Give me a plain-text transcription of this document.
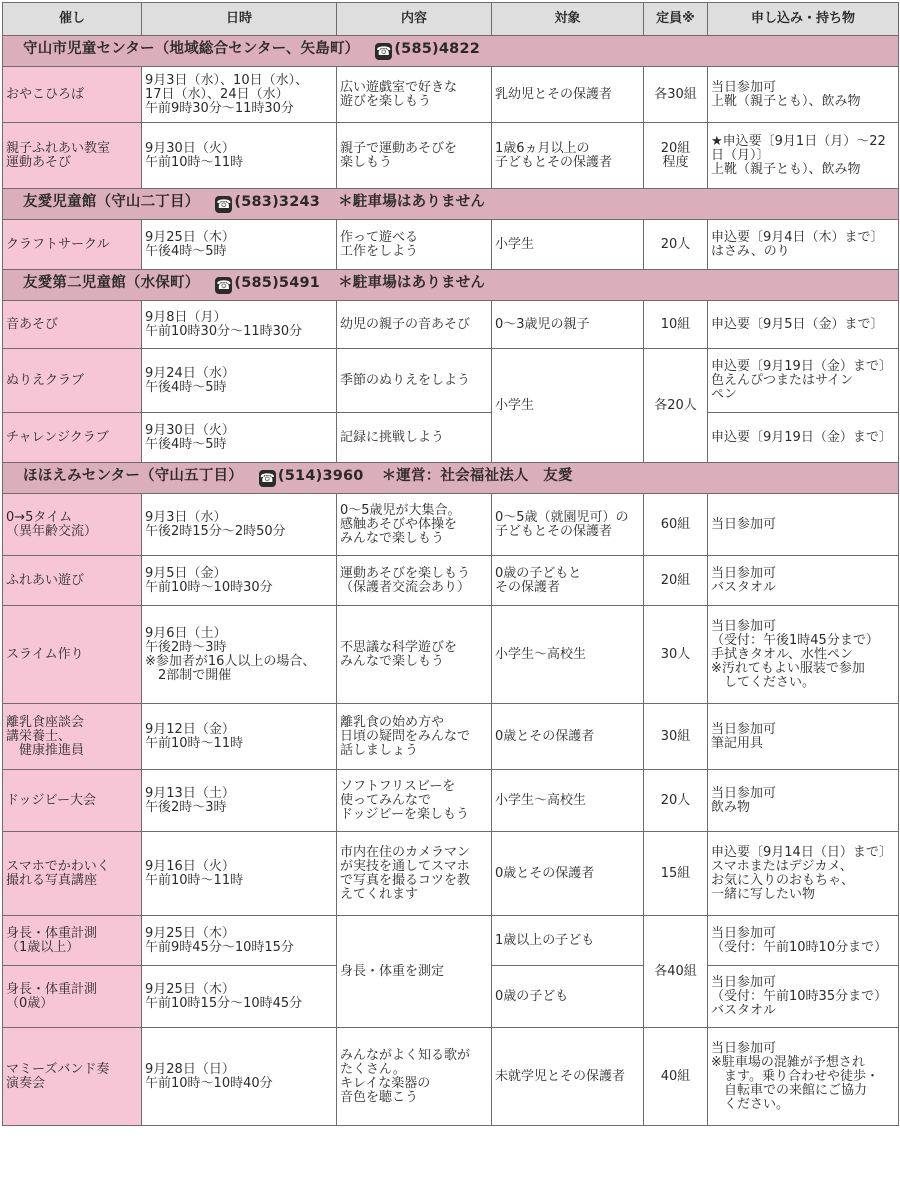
催し	日時	内容	対象	定員※	申し込み・持ち物
守山市児童センター（地域総合センター、矢島町） ☎ (585)4822					
おやこひろば	9月3日（水）、10日（水）、
17日（水）、24日（水）
午前9時30分～11時30分	広い遊戯室で好きな
遊びを楽しもう	乳幼児とその保護者	各30組	当日参加可
上靴（親子とも）、飲み物
親子ふれあい教室
運動あそび	9月30日（火）
午前10時～11時	親子で運動あそびを
楽しもう	1歳6ヵ月以上の
子どもとその保護者	20組
程度	★申込要〔9月1日（月）～22
日（月）〕
上靴（親子とも）、飲み物
友愛児童館（守山二丁目） ☎ (583)3243 ＊駐車場はありません					
クラフトサークル	9月25日（木）
午後4時～5時	作って遊べる
工作をしよう	小学生	20人	申込要〔9月4日（木）まで〕
はさみ、のり
友愛第二児童館（水保町） ☎ (585)5491 ＊駐車場はありません					
音あそび	9月8日（月）
午前10時30分～11時30分	幼児の親子の音あそび	0～3歳児の親子	10組	申込要〔9月5日（金）まで〕
ぬりえクラブ	9月24日（水）
午後4時～5時	季節のぬりえをしよう	小学生	各20人	申込要〔9月19日（金）まで〕
色えんぴつまたはサイン
ペン
チャレンジクラブ	9月30日（火）
午後4時～5時	記録に挑戦しよう			申込要〔9月19日（金）まで〕
ほほえみセンター（守山五丁目） ☎ (514)3960 ＊運営：社会福祉法人　友愛					
0→5タイム
（異年齢交流）	9月3日（水）
午後2時15分～2時50分	0～5歳児が大集合。
感触あそびや体操を
みんなで楽しもう	0～5歳（就園児可）の
子どもとその保護者	60組	当日参加可
ふれあい遊び	9月5日（金）
午前10時～10時30分	運動あそびを楽しもう
（保護者交流会あり）	0歳の子どもと
その保護者	20組	当日参加可
バスタオル
スライム作り	9月6日（土）
午後2時～3時
※参加者が16人以上の場合、
　2部制で開催	不思議な科学遊びを
みんなで楽しもう	小学生～高校生	30人	当日参加可
（受付：午後1時45分まで）
手拭きタオル、水性ペン
※汚れてもよい服装で参加
　してください。
離乳食座談会
講栄養士、
　健康推進員	9月12日（金）
午前10時～11時	離乳食の始め方や
日頃の疑問をみんなで
話しましょう	0歳とその保護者	30組	当日参加可
筆記用具
ドッジビー大会	9月13日（土）
午後2時～3時	ソフトフリスビーを
使ってみんなで
ドッジビーを楽しもう	小学生～高校生	20人	当日参加可
飲み物
スマホでかわいく
撮れる写真講座	9月16日（火）
午前10時～11時	市内在住のカメラマン
が実技を通してスマホ
で写真を撮るコツを教
えてくれます	0歳とその保護者	15組	申込要〔9月14日（日）まで〕
スマホまたはデジカメ、
お気に入りのおもちゃ、
一緒に写したい物
身長・体重計測
（1歳以上）	9月25日（木）
午前9時45分～10時15分	身長・体重を測定	1歳以上の子ども	各40組	当日参加可
（受付：午前10時10分まで）
身長・体重計測
（0歳）	9月25日（木）
午前10時15分～10時45分		0歳の子ども		当日参加可
（受付：午前10時35分まで）
バスタオル
マミーズバンド奏
演奏会	9月28日（日）
午前10時～10時40分	みんながよく知る歌が
たくさん。
キレイな楽器の
音色を聴こう	未就学児とその保護者	40組	当日参加可
※駐車場の混雑が予想され
　ます。乗り合わせや徒歩・
　自転車での来館にご協力
　ください。
